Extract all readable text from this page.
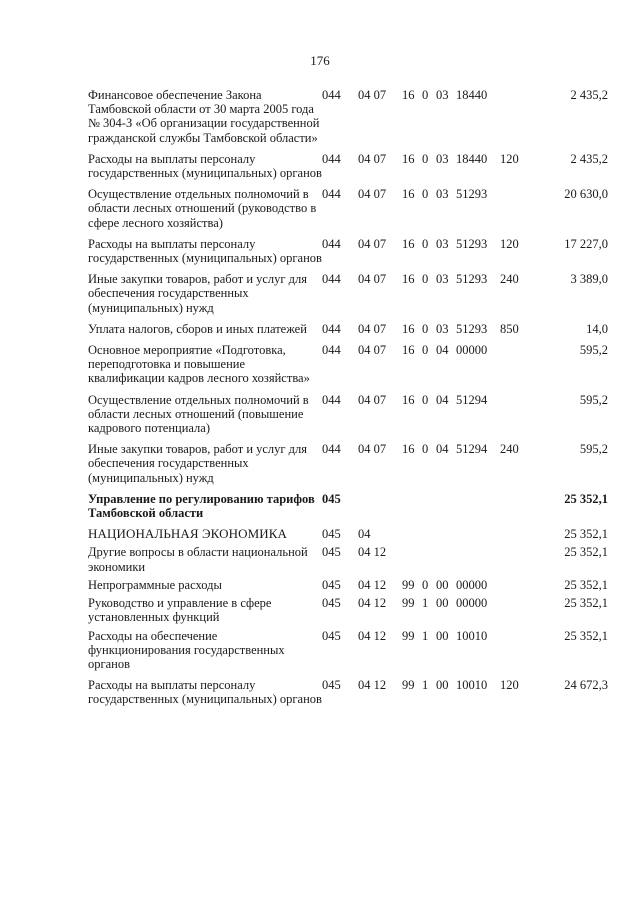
176
Финансовое обеспечение Закона Тамбовской области от 30 марта 2005 года № 304-З «Об организации государственной гражданской службы Тамбовской области»	044	04 07	16 0 03 18440		2 435,2
Расходы на выплаты персоналу государственных (муниципальных) органов	044	04 07	16 0 03 18440	120	2 435,2
Осуществление отдельных полномочий в области лесных отношений (руководство в сфере лесного хозяйства)	044	04 07	16 0 03 51293		20 630,0
Расходы на выплаты персоналу государственных (муниципальных) органов	044	04 07	16 0 03 51293	120	17 227,0
Иные закупки товаров, работ и услуг для обеспечения государственных (муниципальных) нужд	044	04 07	16 0 03 51293	240	3 389,0
Уплата налогов, сборов и иных платежей	044	04 07	16 0 03 51293	850	14,0
Основное мероприятие «Подготовка, переподготовка и повышение квалификации кадров лесного хозяйства»	044	04 07	16 0 04 00000		595,2
Осуществление отдельных полномочий в области лесных отношений (повышение кадрового потенциала)	044	04 07	16 0 04 51294		595,2
Иные закупки товаров, работ и услуг для обеспечения государственных (муниципальных) нужд	044	04 07	16 0 04 51294	240	595,2
Управление по регулированию тарифов Тамбовской области	045				25 352,1
НАЦИОНАЛЬНАЯ ЭКОНОМИКА	045	04			25 352,1
Другие вопросы в области национальной экономики	045	04 12			25 352,1
Непрограммные расходы	045	04 12	99 0 00 00000		25 352,1
Руководство и управление в сфере установленных функций	045	04 12	99 1 00 00000		25 352,1
Расходы на обеспечение функционирования государственных органов	045	04 12	99 1 00 10010		25 352,1
Расходы на выплаты персоналу государственных (муниципальных) органов	045	04 12	99 1 00 10010	120	24 672,3
